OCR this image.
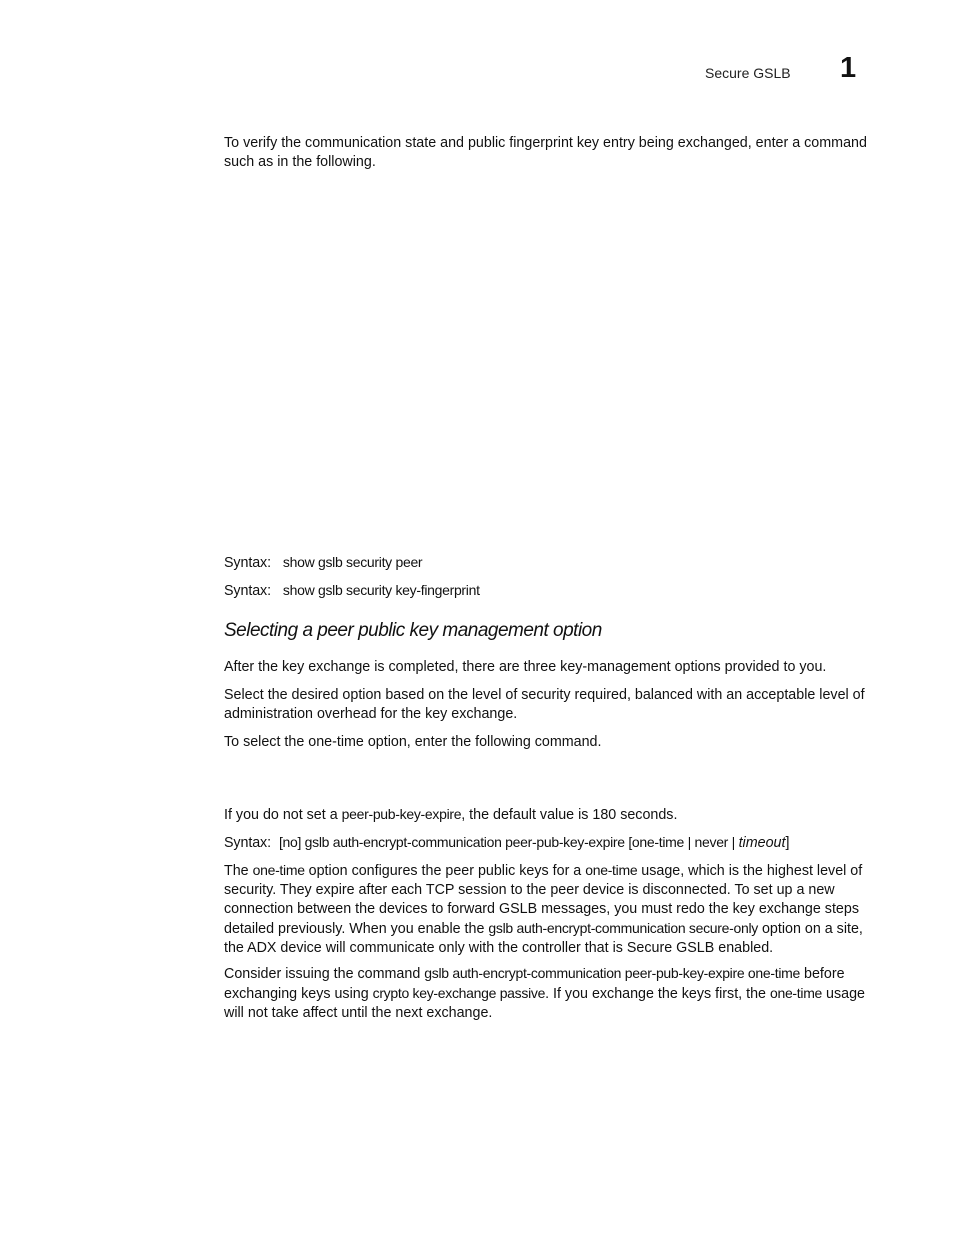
Secure GSLB 1

To verify the communication state and public fingerprint key entry being exchanged, enter a command such as in the following.

Syntax: show gslb security peer

Syntax: show gslb security key-fingerprint

Selecting a peer public key management option

After the key exchange is completed, there are three key-management options provided to you.

Select the desired option based on the level of security required, balanced with an acceptable level of administration overhead for the key exchange.

To select the one-time option, enter the following command.

If you do not set a peer-pub-key-expire, the default value is 180 seconds.

Syntax: [no] gslb auth-encrypt-communication peer-pub-key-expire [one-time | never | timeout]

The one-time option configures the peer public keys for a one-time usage, which is the highest level of security. They expire after each TCP session to the peer device is disconnected. To set up a new connection between the devices to forward GSLB messages, you must redo the key exchange steps detailed previously. When you enable the gslb auth-encrypt-communication secure-only option on a site, the ADX device will communicate only with the controller that is Secure GSLB enabled.

Consider issuing the command gslb auth-encrypt-communication peer-pub-key-expire one-time before exchanging keys using crypto key-exchange passive. If you exchange the keys first, the one-time usage will not take affect until the next exchange.
